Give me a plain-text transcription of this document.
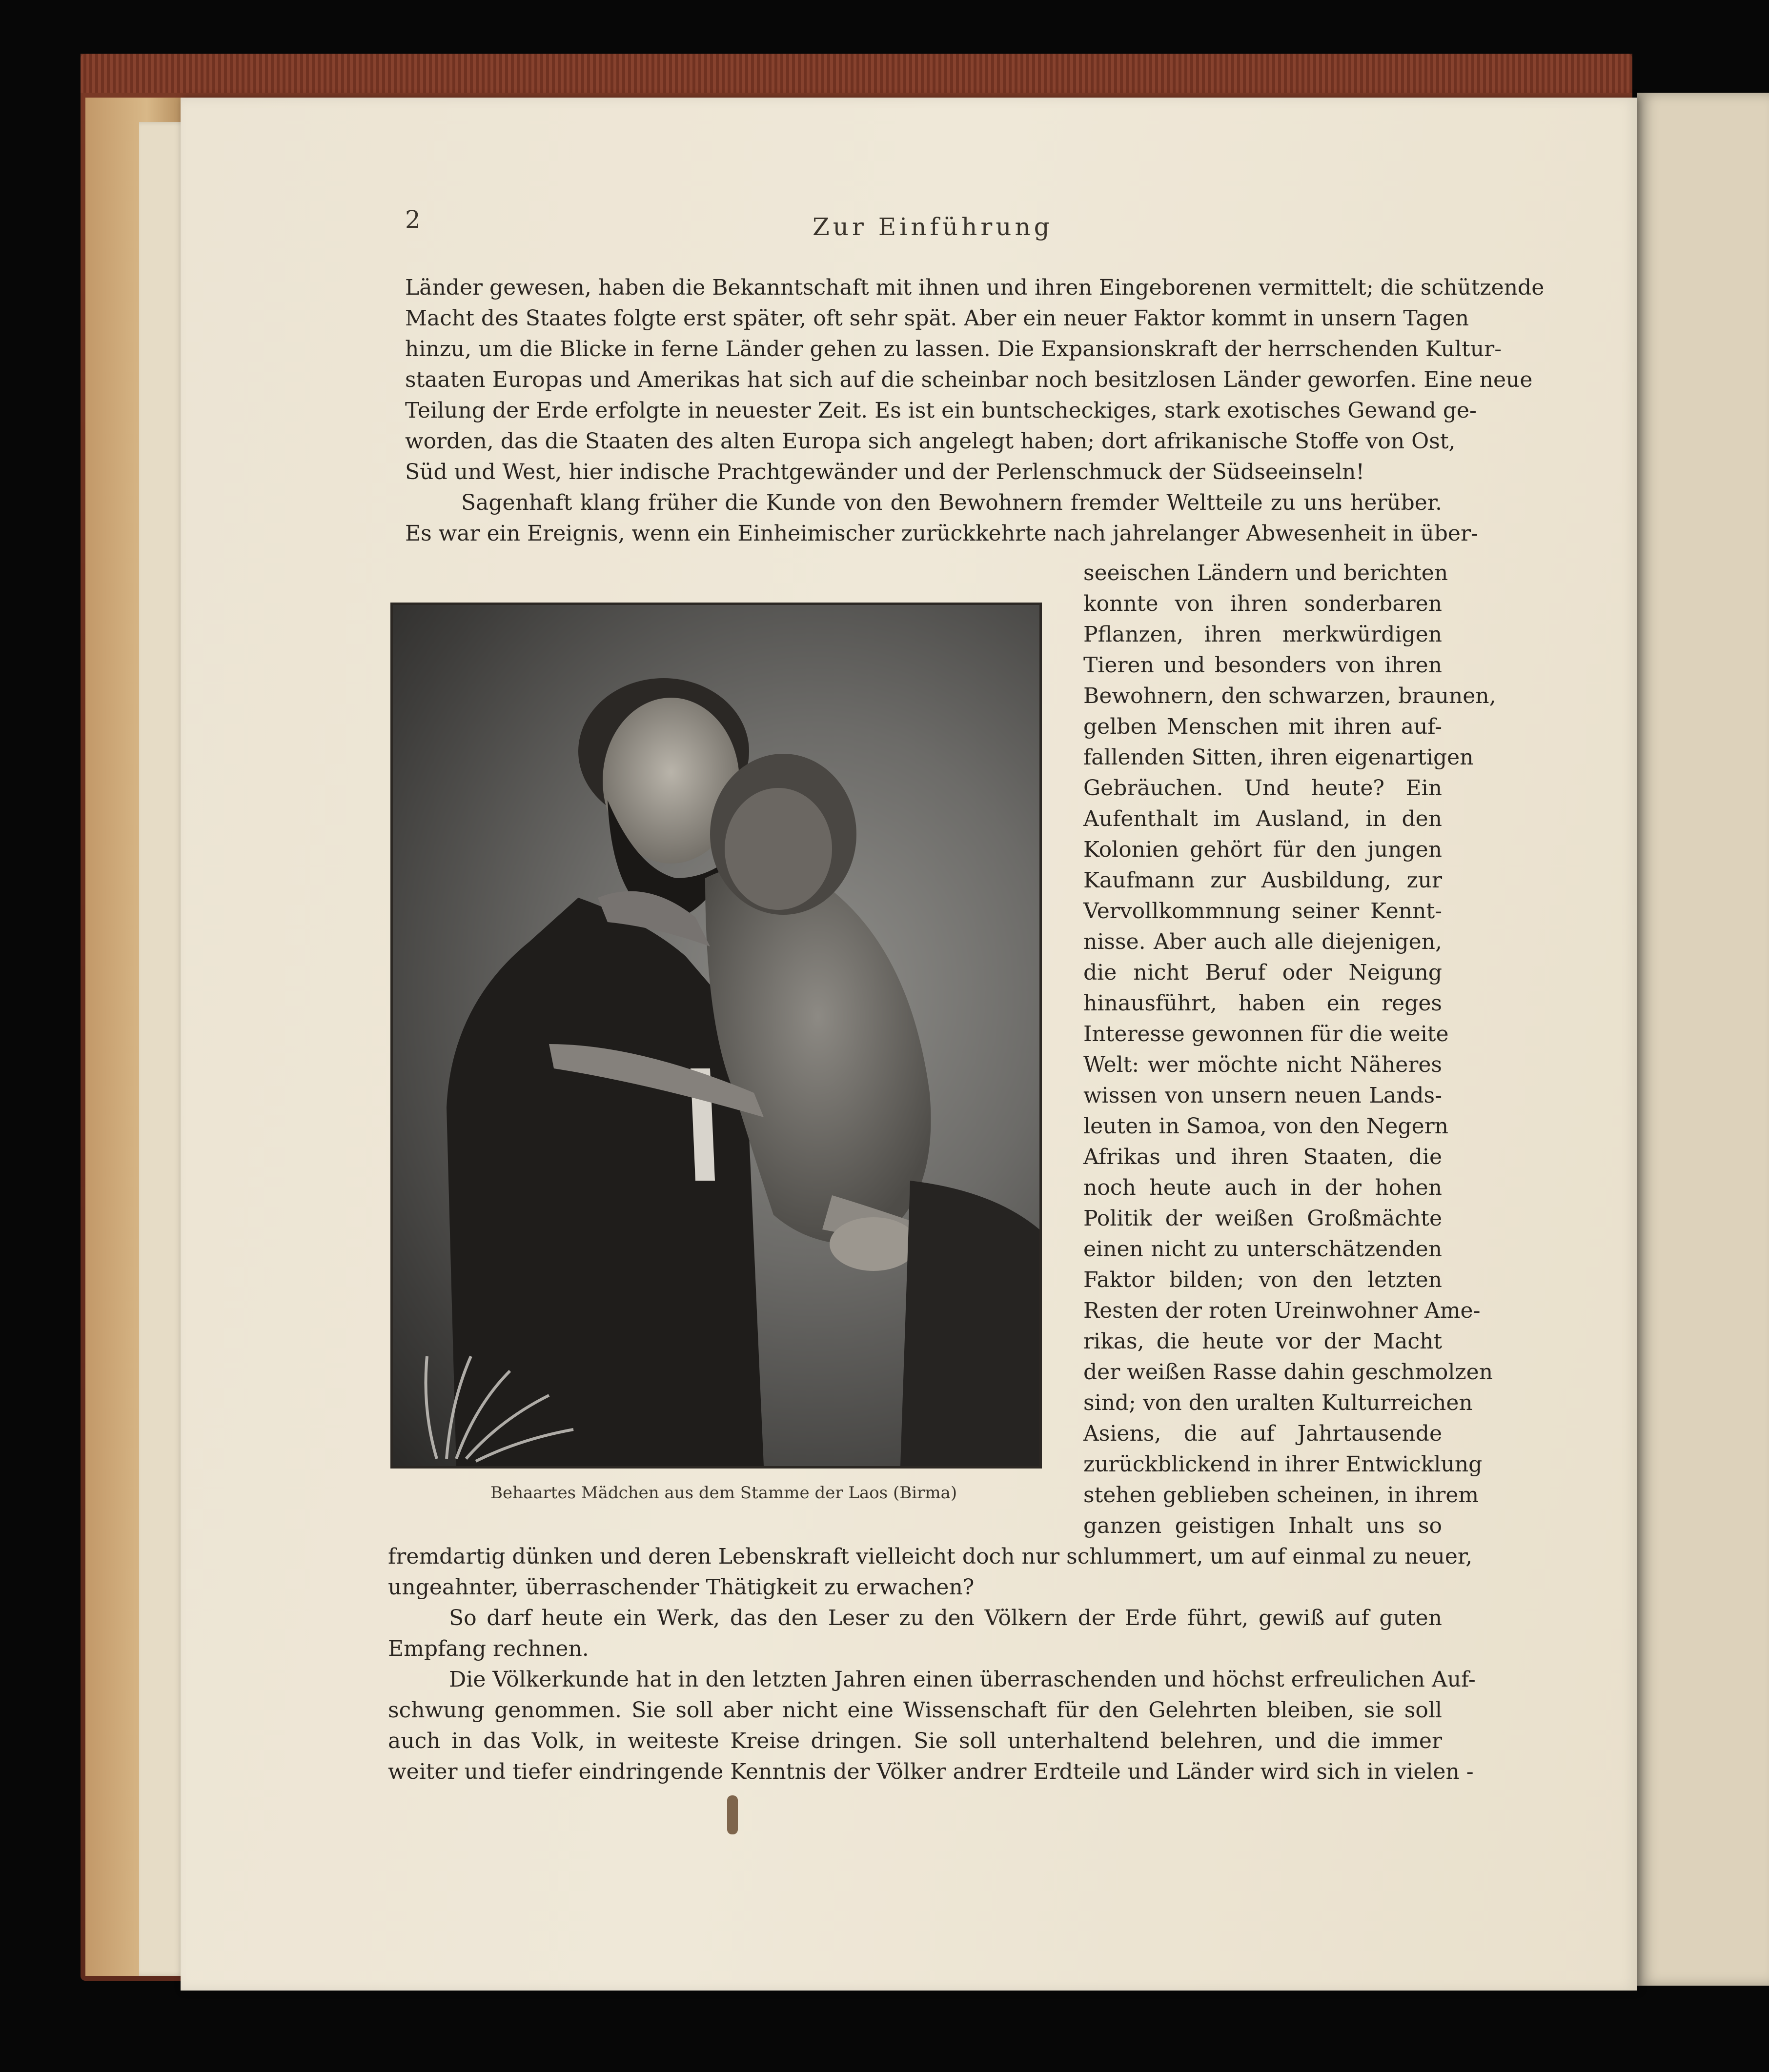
2	Zur Einführung

Behaartes Mädchen aus dem Stamme der Laos (Birma)

Länder gewesen, haben die Bekanntschaft mit ihnen und ihren Eingeborenen vermittelt; die schützende

Macht des Staates folgte erst später, oft sehr spät. Aber ein neuer Faktor kommt in unsern Tagen

hinzu, um die Blicke in ferne Länder gehen zu lassen. Die Expansionskraft der herrschenden Kultur-

staaten Europas und Amerikas hat sich auf die scheinbar noch besitzlosen Länder geworfen. Eine neue

Teilung der Erde erfolgte in neuester Zeit. Es ist ein buntscheckiges, stark exotisches Gewand ge-

worden, das die Staaten des alten Europa sich angelegt haben; dort afrikanische Stoffe von Ost,

Süd und West, hier indische Prachtgewänder und der Perlenschmuck der Südseeinseln!

Sagenhaft klang früher die Kunde von den Bewohnern fremder Weltteile zu uns herüber.

Es war ein Ereignis, wenn ein Einheimischer zurückkehrte nach jahrelanger Abwesenheit in über-

seeischen Ländern und berichten

konnte von ihren sonderbaren

Pflanzen, ihren merkwürdigen

Tieren und besonders von ihren

Bewohnern, den schwarzen, braunen,

gelben Menschen mit ihren auf-

fallenden Sitten, ihren eigenartigen

Gebräuchen. Und heute? Ein

Aufenthalt im Ausland, in den

Kolonien gehört für den jungen

Kaufmann zur Ausbildung, zur

Vervollkommnung seiner Kennt-

nisse. Aber auch alle diejenigen,

die nicht Beruf oder Neigung

hinausführt, haben ein reges

Interesse gewonnen für die weite

Welt: wer möchte nicht Näheres

wissen von unsern neuen Lands-

leuten in Samoa, von den Negern

Afrikas und ihren Staaten, die

noch heute auch in der hohen

Politik der weißen Großmächte

einen nicht zu unterschätzenden

Faktor bilden; von den letzten

Resten der roten Ureinwohner Ame-

rikas, die heute vor der Macht

der weißen Rasse dahin geschmolzen

sind; von den uralten Kulturreichen

Asiens, die auf Jahrtausende

zurückblickend in ihrer Entwicklung

stehen geblieben scheinen, in ihrem

ganzen geistigen Inhalt uns so

fremdartig dünken und deren Lebenskraft vielleicht doch nur schlummert, um auf einmal zu neuer,

ungeahnter, überraschender Thätigkeit zu erwachen?

So darf heute ein Werk, das den Leser zu den Völkern der Erde führt, gewiß auf guten

Empfang rechnen.

Die Völkerkunde hat in den letzten Jahren einen überraschenden und höchst erfreulichen Auf-

schwung genommen. Sie soll aber nicht eine Wissenschaft für den Gelehrten bleiben, sie soll

auch in das Volk, in weiteste Kreise dringen. Sie soll unterhaltend belehren, und die immer

weiter und tiefer eindringende Kenntnis der Völker andrer Erdteile und Länder wird sich in vielen -
